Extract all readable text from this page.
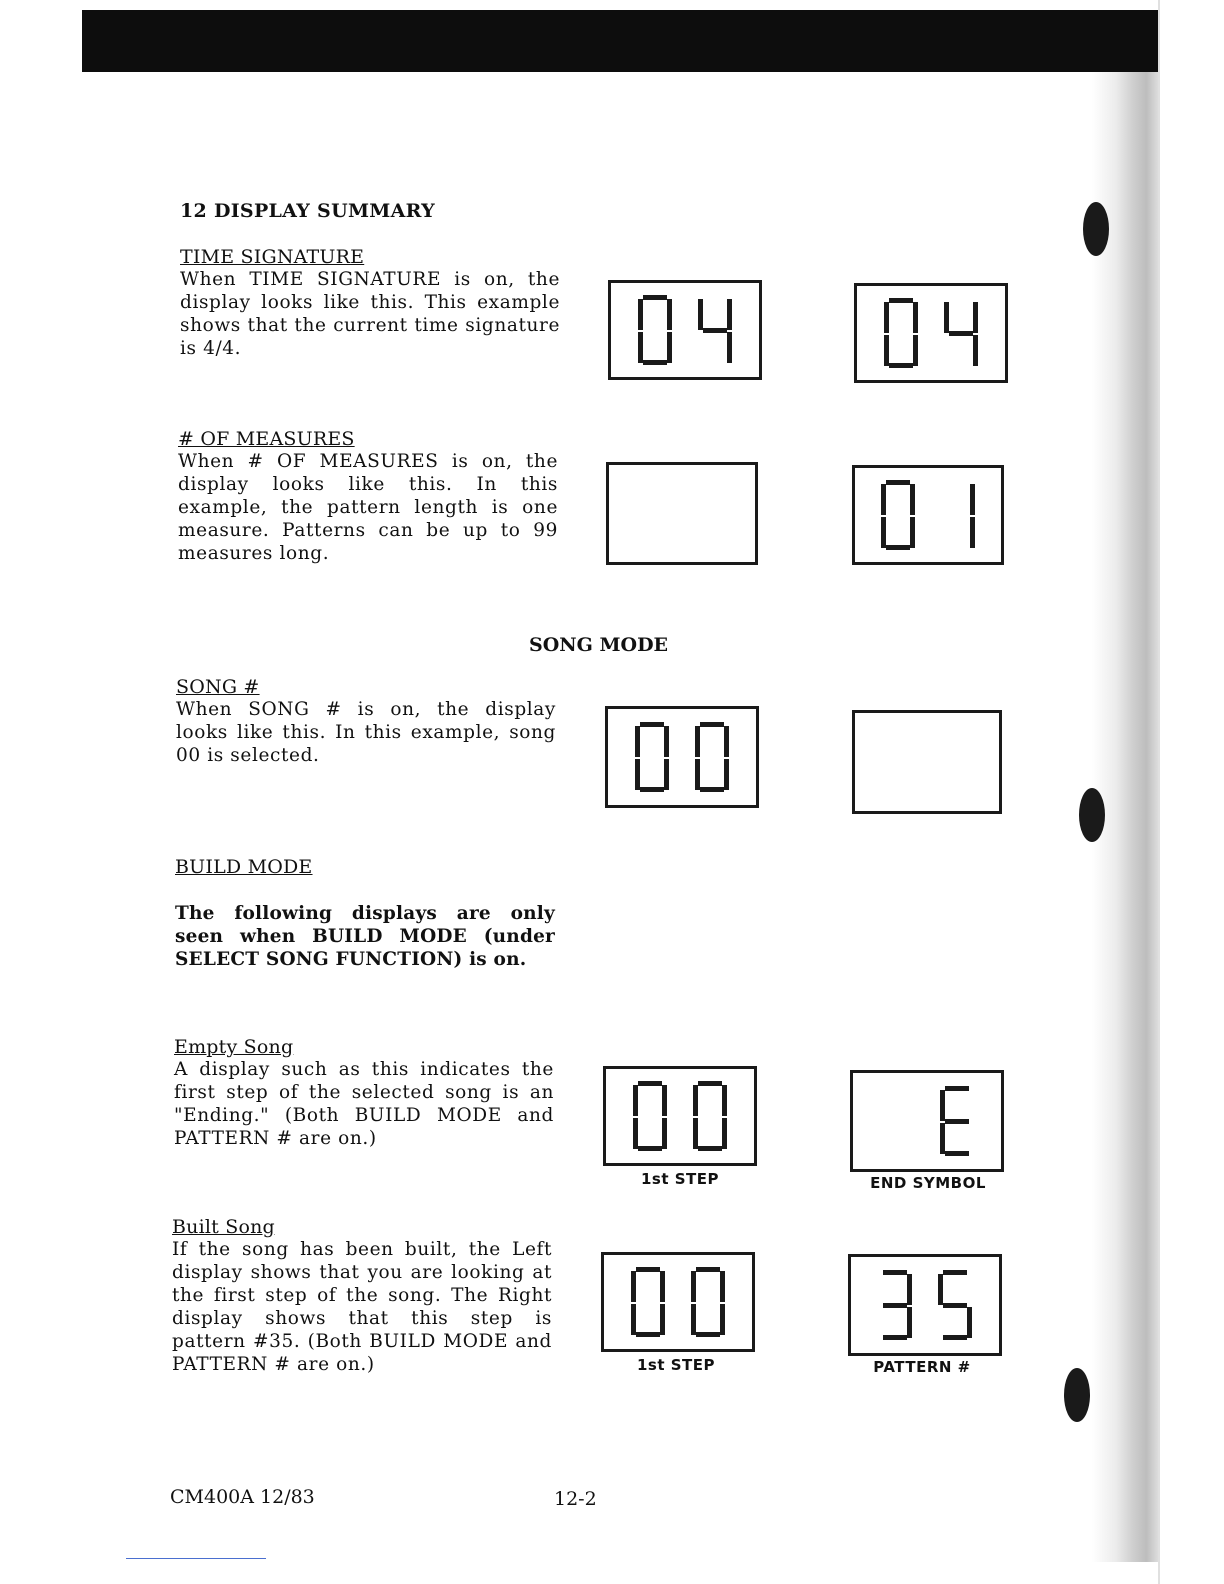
12 DISPLAY SUMMARY
TIME SIGNATURE
When TIME SIGNATURE is on, the display looks like this. This example shows that the current time signature is 4/4.
# OF MEASURES
When # OF MEASURES is on, the display looks like this. In this example, the pattern length is one measure. Patterns can be up to 99 measures long.
SONG MODE
SONG #
When SONG # is on, the display looks like this. In this example, song 00 is selected.
BUILD MODE
The following displays are only seen when BUILD MODE (under SELECT SONG FUNCTION) is on.
Empty Song
A display such as this indicates the first step of the selected song is an "Ending." (Both BUILD MODE and PATTERN # are on.)
Built Song
If the song has been built, the Left display shows that you are looking at the first step of the song. The Right display shows that this step is pattern #35. (Both BUILD MODE and PATTERN # are on.)
1st STEP	END SYMBOL
1st STEP	PATTERN #
CM400A 12/83	12-2
